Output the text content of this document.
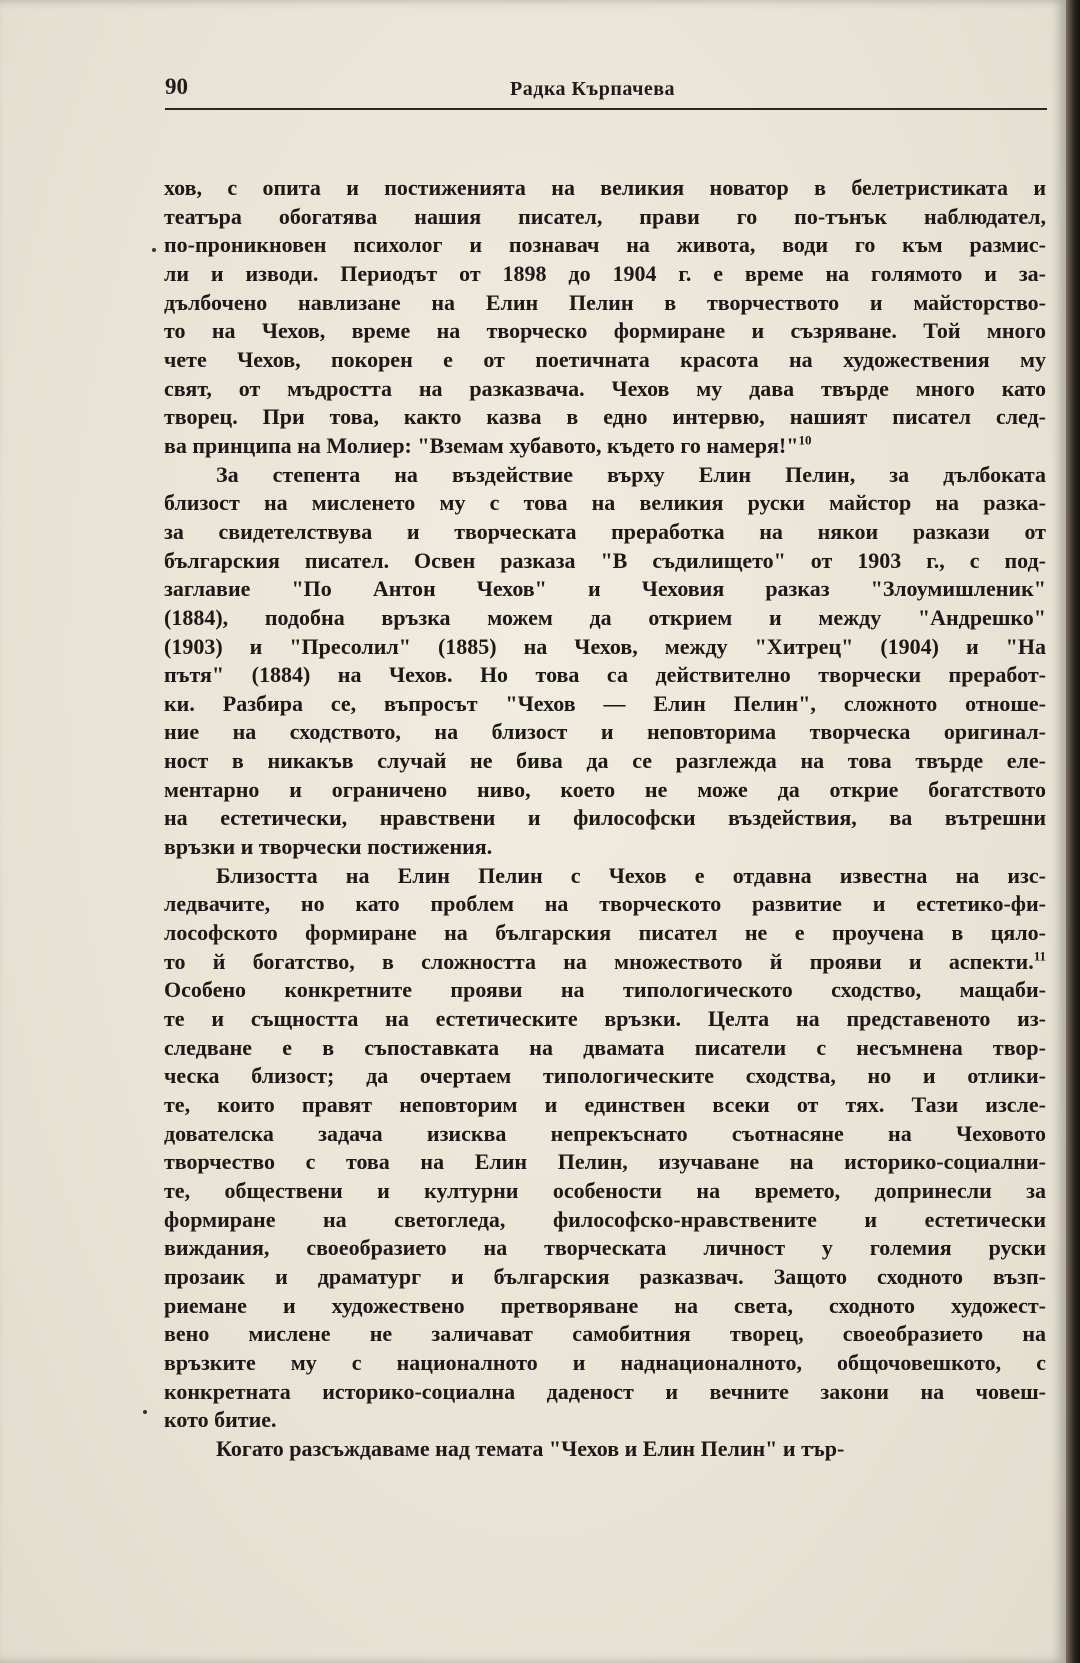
90	Радка Кърпачева
хов, с опита и постиженията на великия новатор в белетристиката и
театъра обогатява нашия писател, прави го по-тънък наблюдател,
по-проникновен психолог и познавач на живота, води го към размис-
ли и изводи. Периодът от 1898 до 1904 г. е време на голямото и за-
дълбочено навлизане на Елин Пелин в творчеството и майсторство-
то на Чехов, време на творческо формиране и съзряване. Той много
чете Чехов, покорен е от поетичната красота на художествения му
свят, от мъдростта на разказвача. Чехов му дава твърде много като
творец. При това, както казва в едно интервю, нашият писател след-
ва принципа на Молиер: "Вземам хубавото, където го намеря!"$^{10}$
За степента на въздействие върху Елин Пелин, за дълбоката
близост на мисленето му с това на великия руски майстор на разка-
за свидетелствува и творческата преработка на някои разкази от
българския писател. Освен разказа "В съдилището" от 1903 г., с под-
заглавие "По Антон Чехов" и Чеховия разказ "Злоумишленик"
(1884), подобна връзка можем да открием и между "Андрешко"
(1903) и "Пресолил" (1885) на Чехов, между "Хитрец" (1904) и "На
пътя" (1884) на Чехов. Но това са действително творчески преработ-
ки. Разбира се, въпросът "Чехов — Елин Пелин", сложното отноше-
ние на сходството, на близост и неповторима творческа оригинал-
ност в никакъв случай не бива да се разглежда на това твърде еле-
ментарно и ограничено ниво, което не може да открие богатството
на естетически, нравствени и философски въздействия, ва вътрешни
връзки и творчески постижения.
Близостта на Елин Пелин с Чехов е отдавна известна на изс-
ледвачите, но като проблем на творческото развитие и естетико-фи-
лософското формиране на българския писател не е проучена в цяло-
то й богатство, в сложността на множеството й прояви и аспекти.$^{11}$
Особено конкретните прояви на типологическото сходство, мащаби-
те и същността на естетическите връзки. Целта на представеното из-
следване е в съпоставката на двамата писатели с несъмнена твор-
ческа близост; да очертаем типологическите сходства, но и отлики-
те, които правят неповторим и единствен всеки от тях. Тази изсле-
дователска задача изисква непрекъснато съотнасяне на Чеховото
творчество с това на Елин Пелин, изучаване на историко-социални-
те, обществени и културни особености на времето, допринесли за
формиране на светогледа, философско-нравствените и естетически
виждания, своеобразието на творческата личност у големия руски
прозаик и драматург и българския разказвач. Защото сходното възп-
риемане и художествено претворяване на света, сходното художест-
вено мислене не заличават самобитния творец, своеобразието на
връзките му с националното и наднационалното, общочовешкото, с
конкретната историко-социална даденост и вечните закони на човеш-
кото битие.
Когато разсъждаваме над темата "Чехов и Елин Пелин" и тър-
